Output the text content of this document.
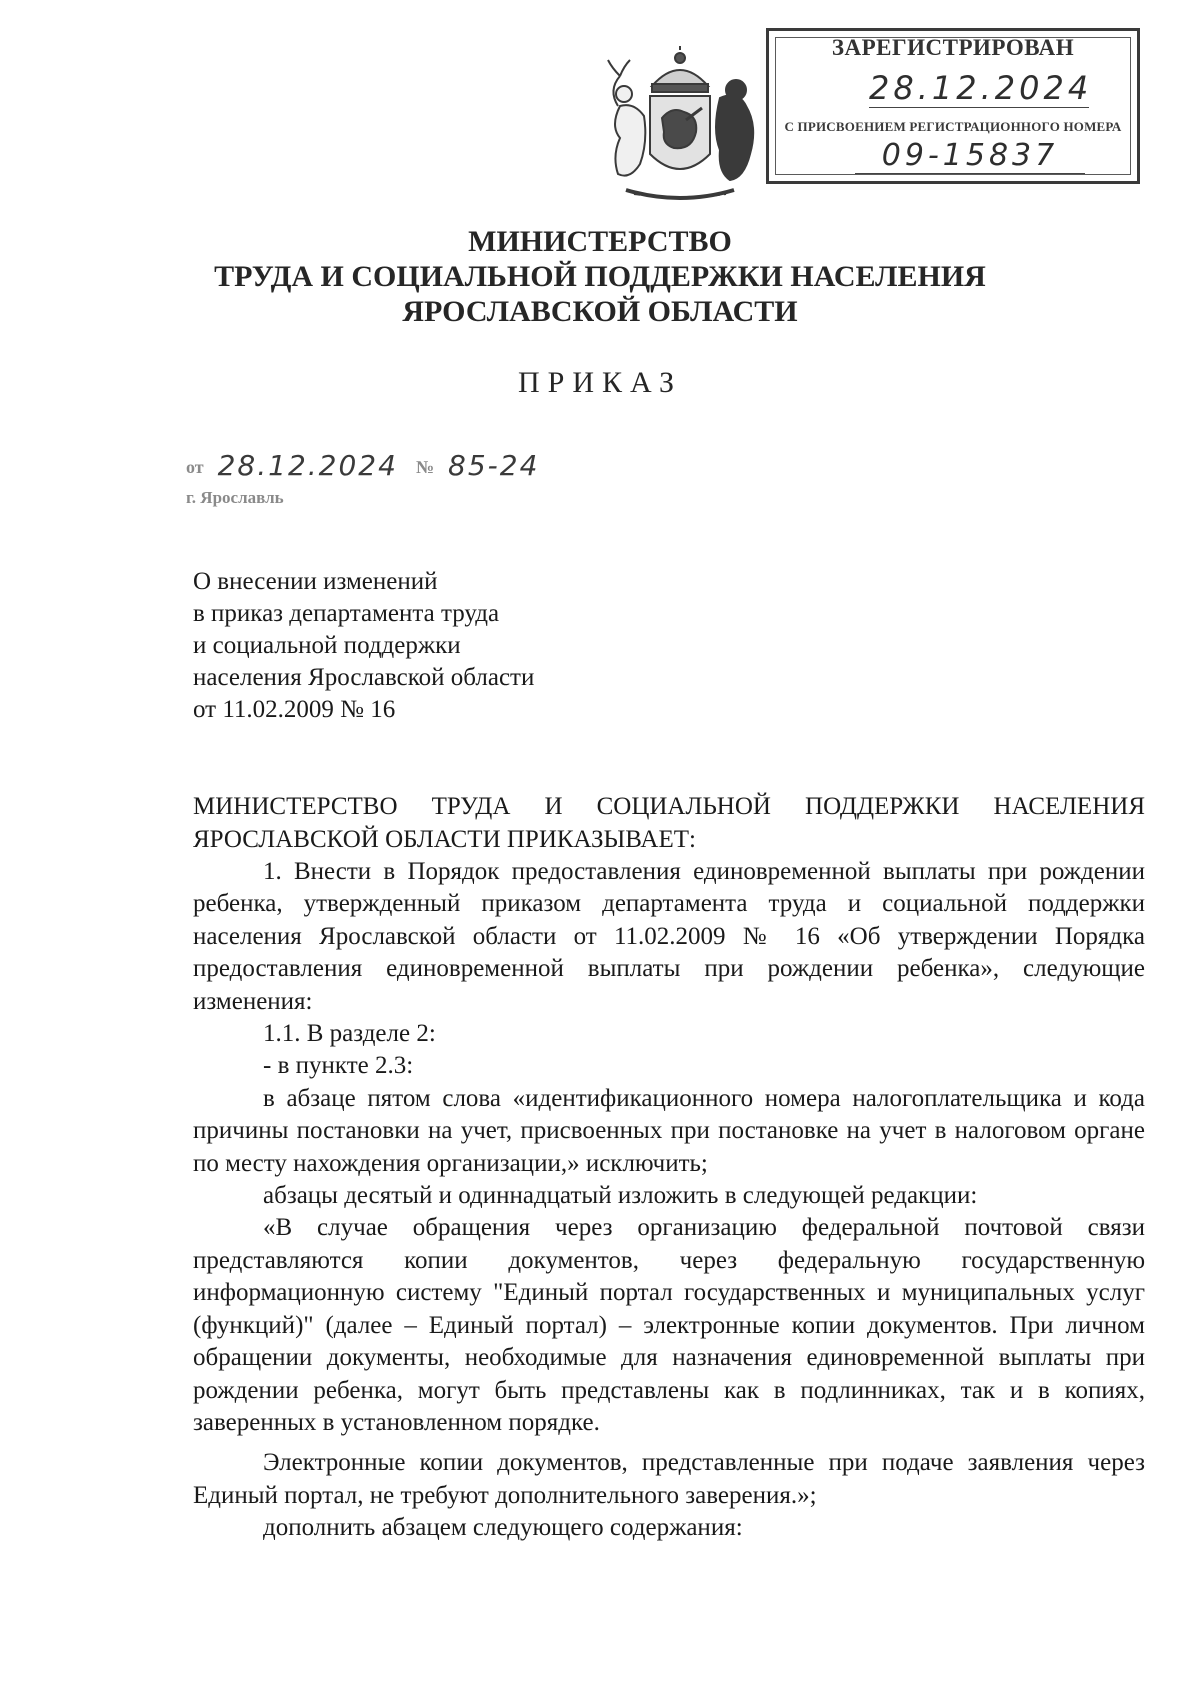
ЗАРЕГИСТРИРОВАН
28.12.2024
С ПРИСВОЕНИЕМ РЕГИСТРАЦИОННОГО НОМЕРА
09-15837
МИНИСТЕРСТВО
ТРУДА И СОЦИАЛЬНОЙ ПОДДЕРЖКИ НАСЕЛЕНИЯ
ЯРОСЛАВСКОЙ ОБЛАСТИ
ПРИКАЗ
от 28.12.2024 № 85-24
г. Ярославль
О внесении изменений
в приказ департамента труда
и социальной поддержки
населения Ярославской области
от 11.02.2009 № 16

МИНИСТЕРСТВО ТРУДА И СОЦИАЛЬНОЙ ПОДДЕРЖКИ НАСЕЛЕНИЯ ЯРОСЛАВСКОЙ ОБЛАСТИ ПРИКАЗЫВАЕТ:

1. Внести в Порядок предоставления единовременной выплаты при рождении ребенка, утвержденный приказом департамента труда и социальной поддержки населения Ярославской области от 11.02.2009 № 16 «Об утверждении Порядка предоставления единовременной выплаты при рождении ребенка», следующие изменения:

1.1. В разделе 2:

- в пункте 2.3:

в абзаце пятом слова «идентификационного номера налогоплательщика и кода причины постановки на учет, присвоенных при постановке на учет в налоговом органе по месту нахождения организации,» исключить;

абзацы десятый и одиннадцатый изложить в следующей редакции:

«В случае обращения через организацию федеральной почтовой связи представляются копии документов, через федеральную государственную информационную систему "Единый портал государственных и муниципальных услуг (функций)" (далее – Единый портал) – электронные копии документов. При личном обращении документы, необходимые для назначения единовременной выплаты при рождении ребенка, могут быть представлены как в подлинниках, так и в копиях, заверенных в установленном порядке.

Электронные копии документов, представленные при подаче заявления через Единый портал, не требуют дополнительного заверения.»;

дополнить абзацем следующего содержания:
